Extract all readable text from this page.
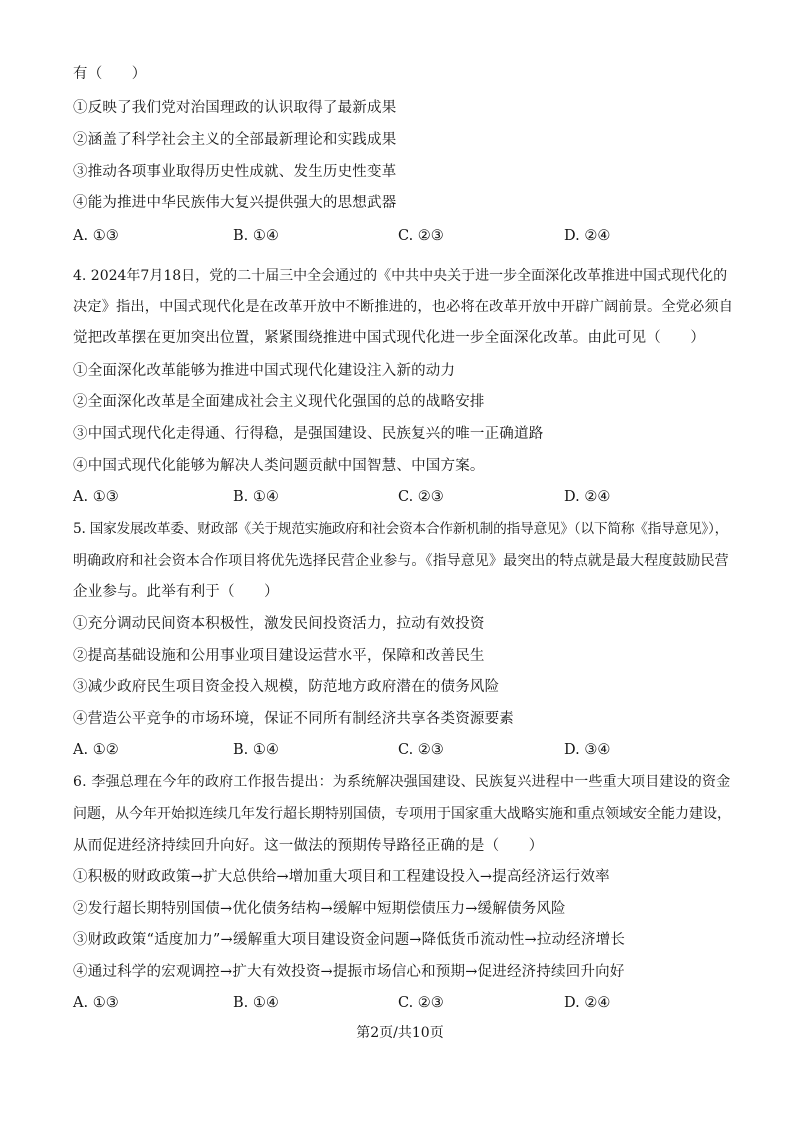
有（　　）
①反映了我们党对治国理政的认识取得了最新成果
②涵盖了科学社会主义的全部最新理论和实践成果
③推动各项事业取得历史性成就、发生历史性变革
④能为推进中华民族伟大复兴提供强大的思想武器
A. ①③	B. ①④	C. ②③	D. ②④
4. 2024年7月18日，党的二十届三中全会通过的《中共中央关于进一步全面深化改革推进中国式现代化的
决定》指出，中国式现代化是在改革开放中不断推进的，也必将在改革开放中开辟广阔前景。全党必须自
觉把改革摆在更加突出位置，紧紧围绕推进中国式现代化进一步全面深化改革。由此可见（　　）
①全面深化改革能够为推进中国式现代化建设注入新的动力
②全面深化改革是全面建成社会主义现代化强国的总的战略安排
③中国式现代化走得通、行得稳，是强国建设、民族复兴的唯一正确道路
④中国式现代化能够为解决人类问题贡献中国智慧、中国方案。
A. ①③	B. ①④	C. ②③	D. ②④
5. 国家发展改革委、财政部《关于规范实施政府和社会资本合作新机制的指导意见》（以下简称《指导意见》），
明确政府和社会资本合作项目将优先选择民营企业参与。《指导意见》最突出的特点就是最大程度鼓励民营
企业参与。此举有利于（　　）
①充分调动民间资本积极性，激发民间投资活力，拉动有效投资
②提高基础设施和公用事业项目建设运营水平，保障和改善民生
③减少政府民生项目资金投入规模，防范地方政府潜在的债务风险
④营造公平竞争的市场环境，保证不同所有制经济共享各类资源要素
A. ①②	B. ①④	C. ②③	D. ③④
6. 李强总理在今年的政府工作报告提出：为系统解决强国建设、民族复兴进程中一些重大项目建设的资金
问题，从今年开始拟连续几年发行超长期特别国债，专项用于国家重大战略实施和重点领域安全能力建设，
从而促进经济持续回升向好。这一做法的预期传导路径正确的是（　　）
①积极的财政政策→扩大总供给→增加重大项目和工程建设投入→提高经济运行效率
②发行超长期特别国债→优化债务结构→缓解中短期偿债压力→缓解债务风险
③财政政策“适度加力”→缓解重大项目建设资金问题→降低货币流动性→拉动经济增长
④通过科学的宏观调控→扩大有效投资→提振市场信心和预期→促进经济持续回升向好
A. ①③	B. ①④	C. ②③	D. ②④
第2页/共10页
